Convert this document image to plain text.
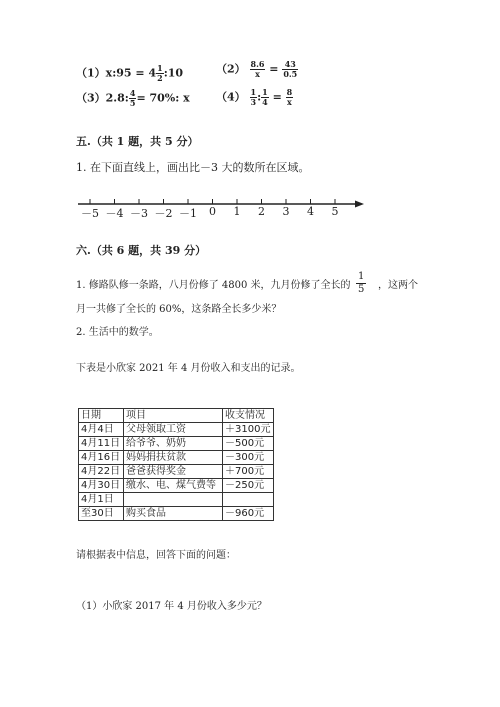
（1）x:95 = $4 \frac{1}{2}$ :10	$(2) \frac{8.6}{x} = \frac{43}{0.5}$
（3）2.8: $\frac{4}{5} = 70\%$: x $(4) \frac{1}{3}$ : $\frac{1}{4} = \frac{8}{x}$
五.（共 1 题，共 5 分）
1. 在下面直线上，画出比－3 大的数所在区域。
－5 －4 －3 －2 －1 0 1 2 3 4 5
六.（共 6 题，共 39 分）
1. 修路队修一条路，八月份修了 4800 米，九月份修了全长的 $\frac{1}{5}$ ，这两个
月一共修了全长的 60%，这条路全长多少米？
2. 生活中的数学。
下表是小欣家 2021 年 4 月份收入和支出的记录。
日期	项目	收支情况
4月4日	父母领取工资	＋3100元
4月11日	给爷爷、奶奶	－500元
4月16日	妈妈捐扶贫款	－300元
4月22日	爸爸获得奖金	＋700元
4月30日	缴水、电、煤气费等	－250元
4月1日		
至30日	购买食品	－960元
请根据表中信息，回答下面的问题：
（1）小欣家 2017 年 4 月份收入多少元？
